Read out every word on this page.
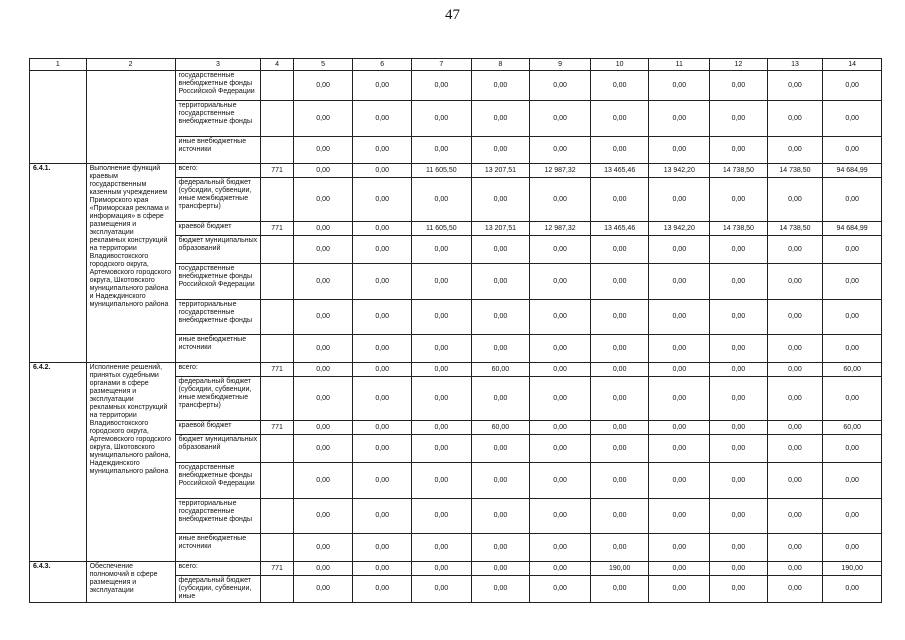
47
1	2	3	4	5	6	7	8	9	10	11	12	13	14
		государственные внебюджетные фонды Российской Федерации		0,00	0,00	0,00	0,00	0,00	0,00	0,00	0,00	0,00	0,00
		территориальные государственные внебюджетные фонды		0,00	0,00	0,00	0,00	0,00	0,00	0,00	0,00	0,00	0,00
		иные внебюджетные источники		0,00	0,00	0,00	0,00	0,00	0,00	0,00	0,00	0,00	0,00
6.4.1.	Выполнение функций краевым государственным казенным учреждением Приморского края «Приморская реклама и информация» в сфере размещения и эксплуатации рекламных конструкций на территории Владивостокского городского округа, Артемовского городского округа, Шкотовского муниципального района и Надеждинского муниципального района	всего:	771	0,00	0,00	11 605,50	13 207,51	12 987,32	13 465,46	13 942,20	14 738,50	14 738,50	94 684,99
		федеральный бюджет (субсидии, субвенции, иные межбюджетные трансферты)		0,00	0,00	0,00	0,00	0,00	0,00	0,00	0,00	0,00	0,00
		краевой бюджет	771	0,00	0,00	11 605,50	13 207,51	12 987,32	13 465,46	13 942,20	14 738,50	14 738,50	94 684,99
		бюджет муниципальных образований		0,00	0,00	0,00	0,00	0,00	0,00	0,00	0,00	0,00	0,00
		государственные внебюджетные фонды Российской Федерации		0,00	0,00	0,00	0,00	0,00	0,00	0,00	0,00	0,00	0,00
		территориальные государственные внебюджетные фонды		0,00	0,00	0,00	0,00	0,00	0,00	0,00	0,00	0,00	0,00
		иные внебюджетные источники		0,00	0,00	0,00	0,00	0,00	0,00	0,00	0,00	0,00	0,00
6.4.2.	Исполнение решений, принятых судебными органами в сфере размещения и эксплуатации рекламных конструкций на территории Владивостокского городского округа, Артемовского городского округа, Шкотовского муниципального района, Надеждинского муниципального района	всего:	771	0,00	0,00	0,00	60,00	0,00	0,00	0,00	0,00	0,00	60,00
		федеральный бюджет (субсидии, субвенции, иные межбюджетные трансферты)		0,00	0,00	0,00	0,00	0,00	0,00	0,00	0,00	0,00	0,00
		краевой бюджет	771	0,00	0,00	0,00	60,00	0,00	0,00	0,00	0,00	0,00	60,00
		бюджет муниципальных образований		0,00	0,00	0,00	0,00	0,00	0,00	0,00	0,00	0,00	0,00
		государственные внебюджетные фонды Российской Федерации		0,00	0,00	0,00	0,00	0,00	0,00	0,00	0,00	0,00	0,00
		территориальные государственные внебюджетные фонды		0,00	0,00	0,00	0,00	0,00	0,00	0,00	0,00	0,00	0,00
		иные внебюджетные источники		0,00	0,00	0,00	0,00	0,00	0,00	0,00	0,00	0,00	0,00
6.4.3.	Обеспечение полномочий в сфере размещения и эксплуатации	всего:	771	0,00	0,00	0,00	0,00	0,00	190,00	0,00	0,00	0,00	190,00
		федеральный бюджет (субсидии, субвенции, иные		0,00	0,00	0,00	0,00	0,00	0,00	0,00	0,00	0,00	0,00
